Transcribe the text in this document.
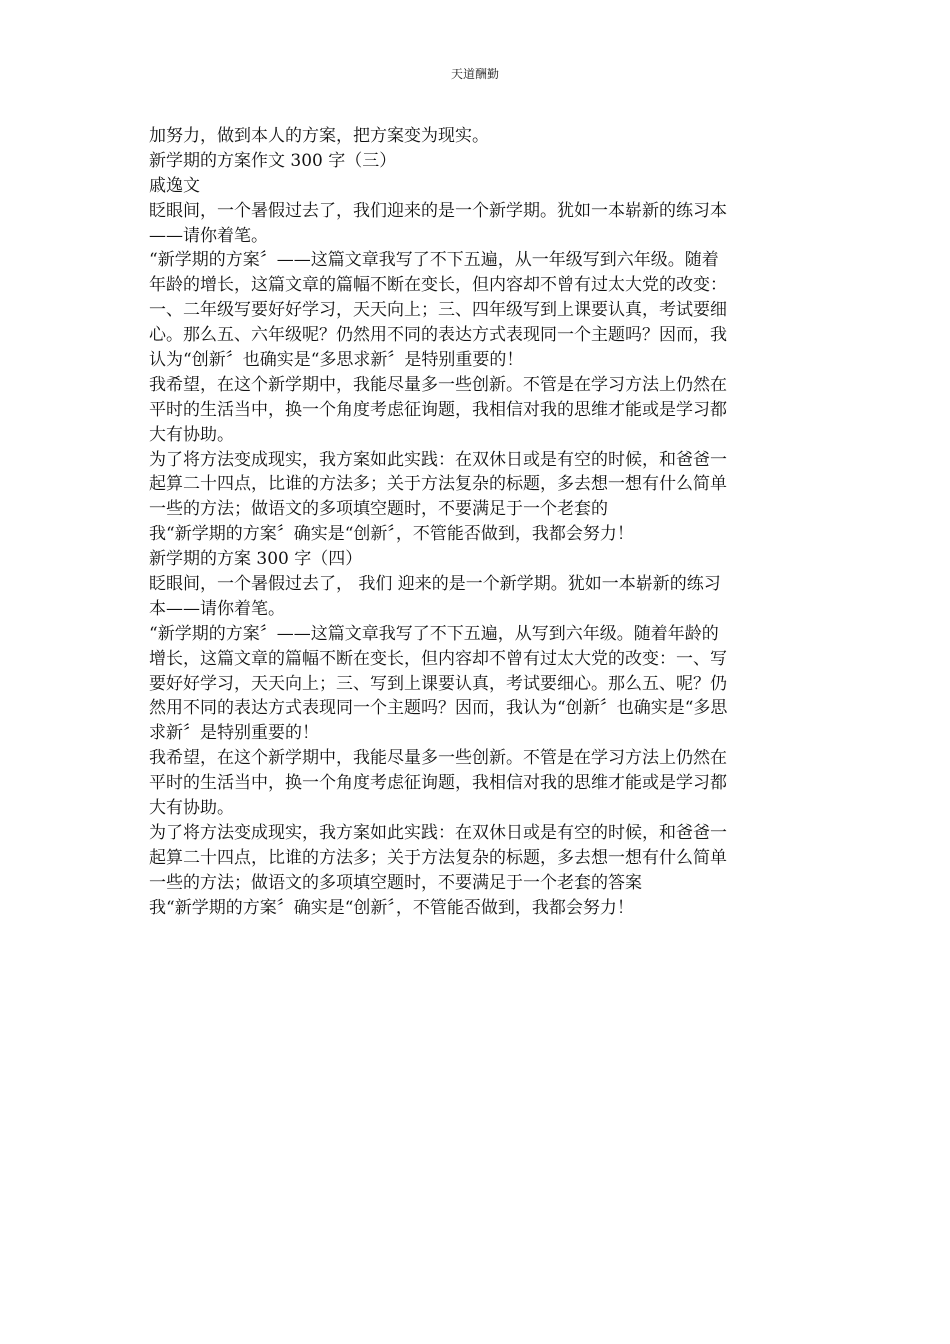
天道酬勤
加努力，做到本人的方案，把方案变为现实。
新学期的方案作文 300 字（三）
戚逸文
眨眼间，一个暑假过去了，我们迎来的是一个新学期。犹如一本崭新的练习本
——请你着笔。
“新学期的方案〞——这篇文章我写了不下五遍，从一年级写到六年级。随着
年龄的增长，这篇文章的篇幅不断在变长，但内容却不曾有过太大党的改变：
一、二年级写要好好学习，天天向上；三、四年级写到上课要认真，考试要细
心。那么五、六年级呢？仍然用不同的表达方式表现同一个主题吗？因而，我
认为“创新〞也确实是“多思求新〞是特别重要的！
我希望，在这个新学期中，我能尽量多一些创新。不管是在学习方法上仍然在
平时的生活当中，换一个角度考虑征询题，我相信对我的思维才能或是学习都
大有协助。
为了将方法变成现实，我方案如此实践：在双休日或是有空的时候，和爸爸一
起算二十四点，比谁的方法多；关于方法复杂的标题，多去想一想有什么简单
一些的方法；做语文的多项填空题时，不要满足于一个老套的
我“新学期的方案〞确实是“创新〞，不管能否做到，我都会努力！
新学期的方案 300 字（四）
眨眼间，一个暑假过去了， 我们 迎来的是一个新学期。犹如一本崭新的练习
本——请你着笔。
“新学期的方案〞——这篇文章我写了不下五遍，从写到六年级。随着年龄的
增长，这篇文章的篇幅不断在变长，但内容却不曾有过太大党的改变：一、写
要好好学习，天天向上；三、写到上课要认真，考试要细心。那么五、呢？仍
然用不同的表达方式表现同一个主题吗？因而，我认为“创新〞也确实是“多思
求新〞是特别重要的！
我希望，在这个新学期中，我能尽量多一些创新。不管是在学习方法上仍然在
平时的生活当中，换一个角度考虑征询题，我相信对我的思维才能或是学习都
大有协助。
为了将方法变成现实，我方案如此实践：在双休日或是有空的时候，和爸爸一
起算二十四点，比谁的方法多；关于方法复杂的标题，多去想一想有什么简单
一些的方法；做语文的多项填空题时，不要满足于一个老套的答案
我“新学期的方案〞确实是“创新〞，不管能否做到，我都会努力！
